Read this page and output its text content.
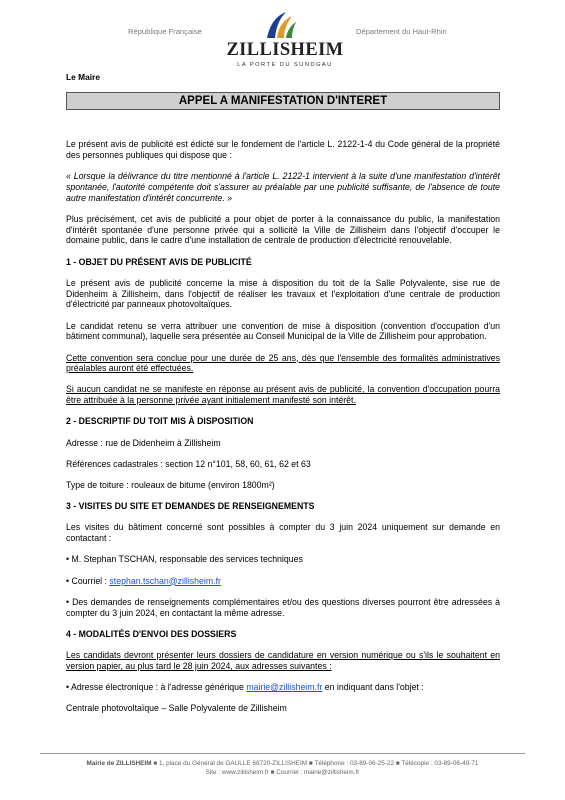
République Française	Département du Haut-Rhin
ZILLISHEIM
LA PORTE DU SUNDGAU
Le Maire
APPEL A MANIFESTATION D'INTERET

Le présent avis de publicité est édicté sur le fondement de l'article L. 2122-1-4 du Code général de la propriété des personnes publiques qui dispose que :

« Lorsque la délivrance du titre mentionné à l'article L. 2122-1 intervient à la suite d'une manifestation d'intérêt spontanée, l'autorité compétente doit s'assurer au préalable par une publicité suffisante, de l'absence de toute autre manifestation d'intérêt concurrente. »

Plus précisément, cet avis de publicité a pour objet de porter à la connaissance du public, la manifestation d'intérêt spontanée d'une personne privée qui a sollicité la Ville de Zillisheim dans l'objectif d'occuper le domaine public, dans le cadre d'une installation de centrale de production d'électricité renouvelable.

1 - OBJET DU PRÉSENT AVIS DE PUBLICITÉ

Le présent avis de publicité concerne la mise à disposition du toit de la Salle Polyvalente, sise rue de Didenheim à Zillisheim, dans l'objectif de réaliser les travaux et l'exploitation d'une centrale de production d'électricité par panneaux photovoltaïques.

Le candidat retenu se verra attribuer une convention de mise à disposition (convention d'occupation d'un bâtiment communal), laquelle sera présentée au Conseil Municipal de la Ville de Zillisheim pour approbation.

Cette convention sera conclue pour une durée de 25 ans, dès que l'ensemble des formalités administratives préalables auront été effectuées.

Si aucun candidat ne se manifeste en réponse au présent avis de publicité, la convention d'occupation pourra être attribuée à la personne privée ayant initialement manifesté son intérêt.

2 - DESCRIPTIF DU TOIT MIS À DISPOSITION

Adresse : rue de Didenheim à Zillisheim

Références cadastrales : section 12 n°101, 58, 60, 61, 62 et 63

Type de toiture : rouleaux de bitume (environ 1800m²)

3 - VISITES DU SITE ET DEMANDES DE RENSEIGNEMENTS

Les visites du bâtiment concerné sont possibles à compter du 3 juin 2024 uniquement sur demande en contactant :

• M. Stephan TSCHAN, responsable des services techniques

• Courriel : stephan.tschan@zillisheim.fr

• Des demandes de renseignements complémentaires et/ou des questions diverses pourront être adressées à compter du 3 juin 2024, en contactant la même adresse.

4 - MODALITÉS D'ENVOI DES DOSSIERS

Les candidats devront présenter leurs dossiers de candidature en version numérique ou s'ils le souhaitent en version papier, au plus tard le 28 juin 2024, aux adresses suivantes :

• Adresse électronique : à l'adresse générique mairie@zillisheim.fr en indiquant dans l'objet :

Centrale photovoltaïque – Salle Polyvalente de Zillisheim

Mairie de ZILLISHEIM ■ 1, place du Général de GAULLE 68720-ZILLISHEIM ■ Téléphone : 03-89-06-25-22 ■ Télécopie : 03-89-06-49-71
Site : www.zillisheim.fr ■ Courriel : mairie@zillisheim.fr
